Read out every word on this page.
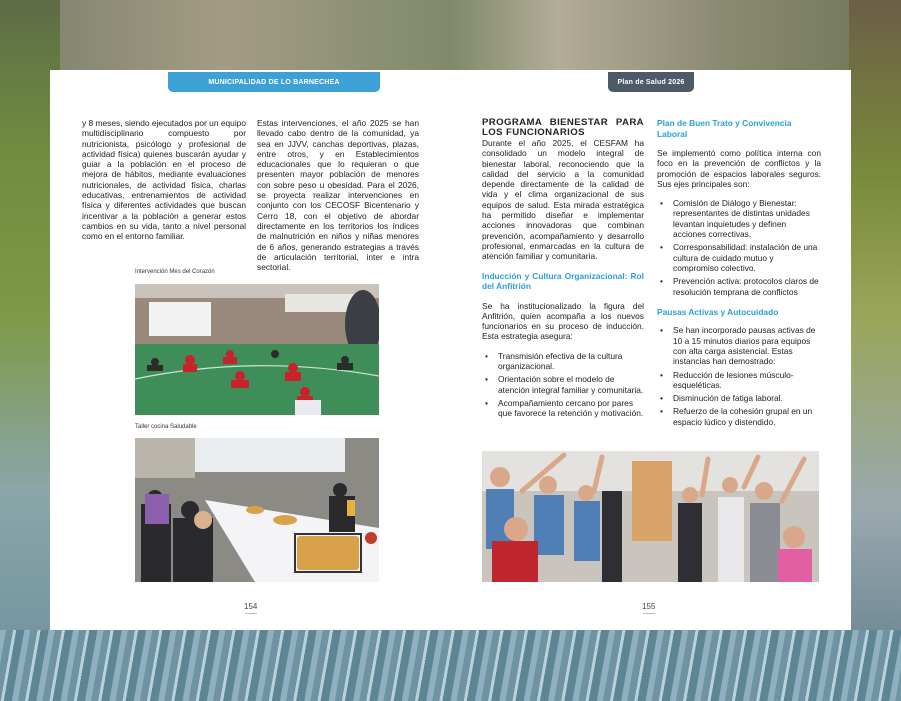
MUNICIPALIDAD DE LO BARNECHEA	Plan de Salud 2026

y 8 meses, siendo ejecutados por un equipo multidisciplinario compuesto por nutricionista, psicólogo y profesional de actividad física) quienes buscarán ayudar y guiar a la población en el proceso de mejora de hábitos, mediante evaluaciones nutricionales, de actividad física, charlas educativas, entrenamientos de actividad física y diferentes actividades que buscan incentivar a la población a generar estos cambios en su vida, tanto a nivel personal como en el entorno familiar.

Estas intervenciones, el año 2025 se han llevado cabo dentro de la comunidad, ya sea en JJVV, canchas deportivas, plazas, entre otros, y en Establecimientos educacionales que lo requieran o que presenten mayor población de menores con sobre peso u obesidad. Para el 2026, se proyecta realizar intervenciones en conjunto con los CECOSF Bicentenario y Cerro 18, con el objetivo de abordar directamente en los territorios los índices de malnutrición en niños y niñas menores de 6 años, generando estrategias a través de articulación territorial, inter e intra sectorial.

Intervención Mes del Corazón
Taller cocina Saludable
154
PROGRAMA BIENESTAR PARA LOS FUNCIONARIOS

Durante el año 2025, el CESFAM ha consolidado un modelo integral de bienestar laboral, reconociendo que la calidad del servicio a la comunidad depende directamente de la calidad de vida y el clima organizacional de sus equipos de salud. Esta mirada estratégica ha permitido diseñar e implementar acciones innovadoras que combinan prevención, acompañamiento y desarrollo profesional, enmarcadas en la cultura de atención familiar y comunitaria.

Inducción y Cultura Organizacional: Rol del Anfitrión

Se ha institucionalizado la figura del Anfitrión, quien acompaña a los nuevos funcionarios en su proceso de inducción. Esta estrategia asegura:

• Transmisión efectiva de la cultura organizacional.
• Orientación sobre el modelo de atención integral familiar y comunitaria.
• Acompañamiento cercano por pares que favorece la retención y motivación.
Plan de Buen Trato y Convivencia Laboral

Se implementó como política interna con foco en la prevención de conflictos y la promoción de espacios laborales seguros. Sus ejes principales son:

• Comisión de Diálogo y Bienestar: representantes de distintas unidades levantan inquietudes y definen acciones correctivas.
• Corresponsabilidad: instalación de una cultura de cuidado mutuo y compromiso colectivo.
• Prevención activa: protocolos claros de resolución temprana de conflictos
Pausas Activas y Autocuidado
• Se han incorporado pausas activas de 10 a 15 minutos diarios para equipos con alta carga asistencial. Estas instancias han demostrado:
• Reducción de lesiones músculo-esqueléticas.
• Disminución de fatiga laboral.
• Refuerzo de la cohesión grupal en un espacio lúdico y distendido.
155
